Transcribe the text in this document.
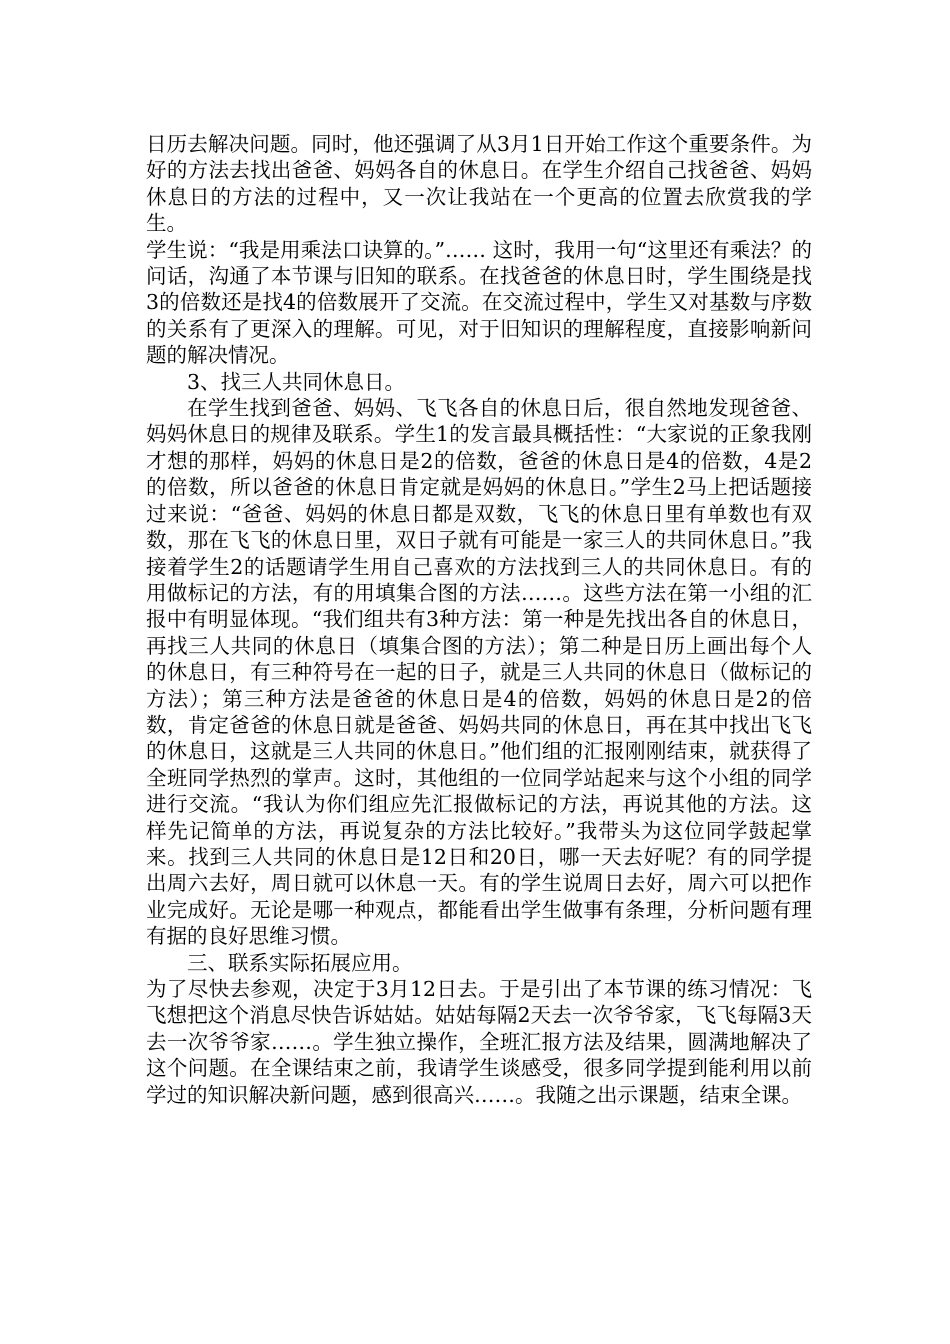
日历去解决问题。同时，他还强调了从3月1日开始工作这个重要条件。为好的方法去找出爸爸、妈妈各自的休息日。在学生介绍自己找爸爸、妈妈休息日的方法的过程中，又一次让我站在一个更高的位置去欣赏我的学生。

学生说：“我是用乘法口诀算的。”…… 这时，我用一句“这里还有乘法？的问话，沟通了本节课与旧知的联系。在找爸爸的休息日时，学生围绕是找3的倍数还是找4的倍数展开了交流。在交流过程中，学生又对基数与序数的关系有了更深入的理解。可见，对于旧知识的理解程度，直接影响新问题的解决情况。

3、找三人共同休息日。

在学生找到爸爸、妈妈、飞飞各自的休息日后，很自然地发现爸爸、妈妈休息日的规律及联系。学生1的发言最具概括性：“大家说的正象我刚才想的那样，妈妈的休息日是2的倍数，爸爸的休息日是4的倍数，4是2的倍数，所以爸爸的休息日肯定就是妈妈的休息日。”学生2马上把话题接过来说：“爸爸、妈妈的休息日都是双数，飞飞的休息日里有单数也有双数，那在飞飞的休息日里，双日子就有可能是一家三人的共同休息日。”我接着学生2的话题请学生用自己喜欢的方法找到三人的共同休息日。有的用做标记的方法，有的用填集合图的方法……。这些方法在第一小组的汇报中有明显体现。“我们组共有3种方法：第一种是先找出各自的休息日，再找三人共同的休息日（填集合图的方法）；第二种是日历上画出每个人的休息日，有三种符号在一起的日子，就是三人共同的休息日（做标记的方法）；第三种方法是爸爸的休息日是4的倍数，妈妈的休息日是2的倍数，肯定爸爸的休息日就是爸爸、妈妈共同的休息日，再在其中找出飞飞的休息日，这就是三人共同的休息日。”他们组的汇报刚刚结束，就获得了全班同学热烈的掌声。这时，其他组的一位同学站起来与这个小组的同学进行交流。“我认为你们组应先汇报做标记的方法，再说其他的方法。这样先记简单的方法，再说复杂的方法比较好。”我带头为这位同学鼓起掌来。找到三人共同的休息日是12日和20日，哪一天去好呢？有的同学提出周六去好，周日就可以休息一天。有的学生说周日去好，周六可以把作业完成好。无论是哪一种观点，都能看出学生做事有条理，分析问题有理有据的良好思维习惯。

三、联系实际拓展应用。

为了尽快去参观，决定于3月12日去。于是引出了本节课的练习情况：飞飞想把这个消息尽快告诉姑姑。姑姑每隔2天去一次爷爷家，飞飞每隔3天去一次爷爷家……。学生独立操作，全班汇报方法及结果，圆满地解决了这个问题。在全课结束之前，我请学生谈感受，很多同学提到能利用以前学过的知识解决新问题，感到很高兴……。我随之出示课题，结束全课。
